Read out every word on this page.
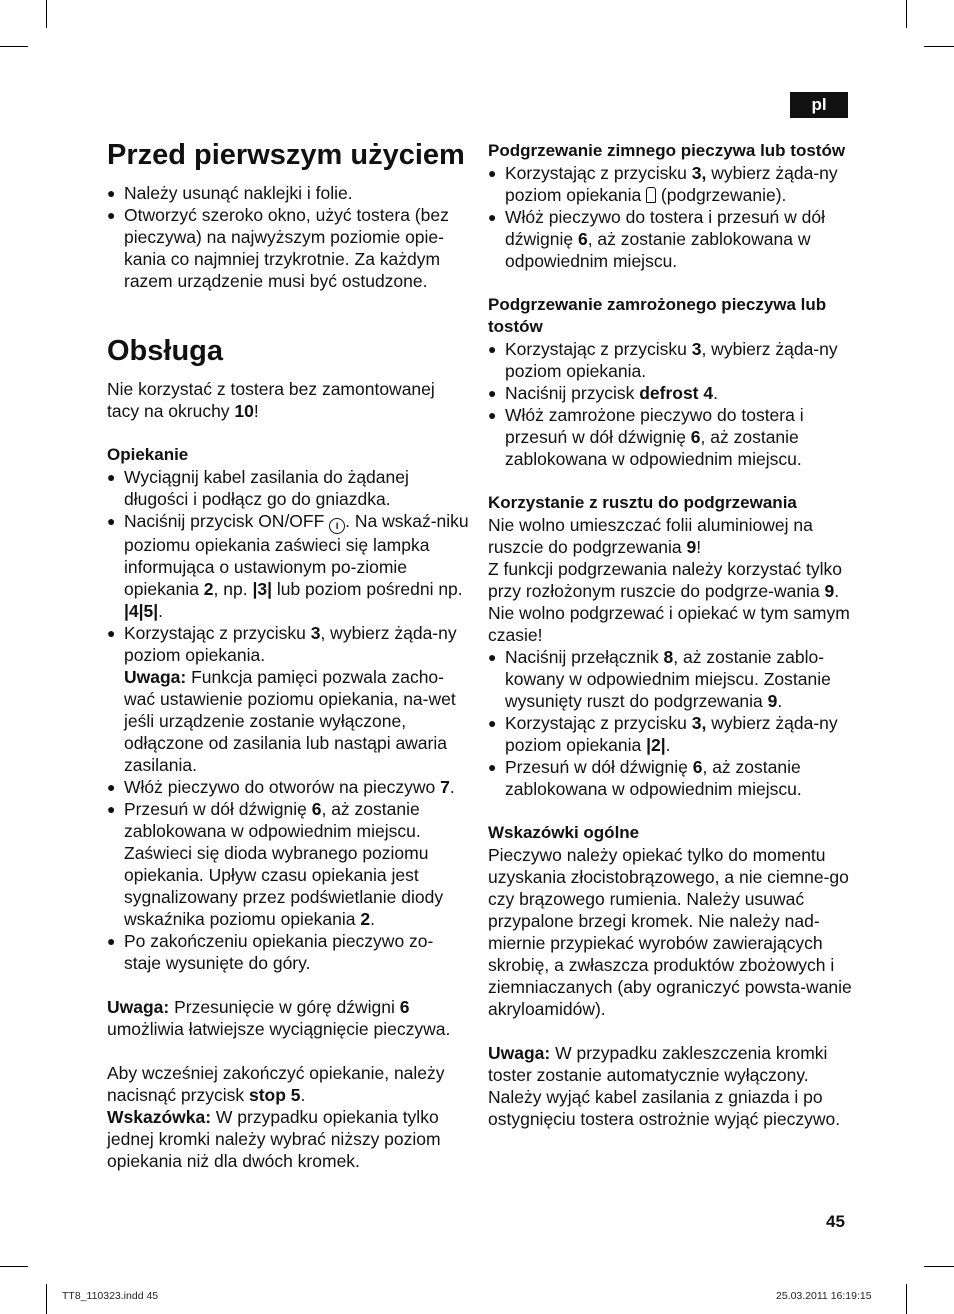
pl
Przed pierwszym użyciem
● Należy usunąć naklejki i folie.
● Otworzyć szeroko okno, użyć tostera (bez pieczywa) na najwyższym poziomie opie-kania co najmniej trzykrotnie. Za każdym razem urządzenie musi być ostudzone.
Obsługa

Nie korzystać z tostera bez zamontowanej tacy na okruchy 10!

Opiekanie
● Wyciągnij kabel zasilania do żądanej długości i podłącz go do gniazdka.
● Naciśnij przycisk ON/OFF I . Na wskaź-niku poziomu opiekania zaświeci się lampka informująca o ustawionym po-ziomie opiekania 2, np. |3| lub poziom pośredni np. |4|5|.
● Korzystając z przycisku 3, wybierz żąda-ny poziom opiekania.
Uwaga: Funkcja pamięci pozwala zacho-wać ustawienie poziomu opiekania, na-wet jeśli urządzenie zostanie wyłączone, odłączone od zasilania lub nastąpi awaria zasilania.
● Włóż pieczywo do otworów na pieczywo 7.
● Przesuń w dół dźwignię 6, aż zostanie zablokowana w odpowiednim miejscu. Zaświeci się dioda wybranego poziomu opiekania. Upływ czasu opiekania jest sygnalizowany przez podświetlanie diody wskaźnika poziomu opiekania 2.
● Po zakończeniu opiekania pieczywo zo-staje wysunięte do góry.

Uwaga: Przesunięcie w górę dźwigni 6 umożliwia łatwiejsze wyciągnięcie pieczywa.

Aby wcześniej zakończyć opiekanie, należy nacisnąć przycisk stop 5.

Wskazówka: W przypadku opiekania tylko jednej kromki należy wybrać niższy poziom opiekania niż dla dwóch kromek.

Podgrzewanie zimnego pieczywa lub tostów
● Korzystając z przycisku 3, wybierz żąda-ny poziom opiekania  (podgrzewanie).
● Włóż pieczywo do tostera i przesuń w dół dźwignię 6, aż zostanie zablokowana w odpowiednim miejscu.
Podgrzewanie zamrożonego pieczywa lub tostów
● Korzystając z przycisku 3, wybierz żąda-ny poziom opiekania.
● Naciśnij przycisk defrost 4.
● Włóż zamrożone pieczywo do tostera i przesuń w dół dźwignię 6, aż zostanie zablokowana w odpowiednim miejscu.
Korzystanie z rusztu do podgrzewania

Nie wolno umieszczać folii aluminiowej na ruszcie do podgrzewania 9!

Z funkcji podgrzewania należy korzystać tylko przy rozłożonym ruszcie do podgrze-wania 9.

Nie wolno podgrzewać i opiekać w tym samym czasie!

● Naciśnij przełącznik 8, aż zostanie zablo-kowany w odpowiednim miejscu. Zostanie wysunięty ruszt do podgrzewania 9.
● Korzystając z przycisku 3, wybierz żąda-ny poziom opiekania |2|.
● Przesuń w dół dźwignię 6, aż zostanie zablokowana w odpowiednim miejscu.
Wskazówki ogólne

Pieczywo należy opiekać tylko do momentu uzyskania złocistobrązowego, a nie ciemne-go czy brązowego rumienia. Należy usuwać przypalone brzegi kromek. Nie należy nad-miernie przypiekać wyrobów zawierających skrobię, a zwłaszcza produktów zbożowych i ziemniaczanych (aby ograniczyć powsta-wanie akryloamidów).

Uwaga: W przypadku zakleszczenia kromki toster zostanie automatycznie wyłączony. Należy wyjąć kabel zasilania z gniazda i po ostygnięciu tostera ostrożnie wyjąć pieczywo.

45
TT8_110323.indd 45	25.03.2011 16:19:15
